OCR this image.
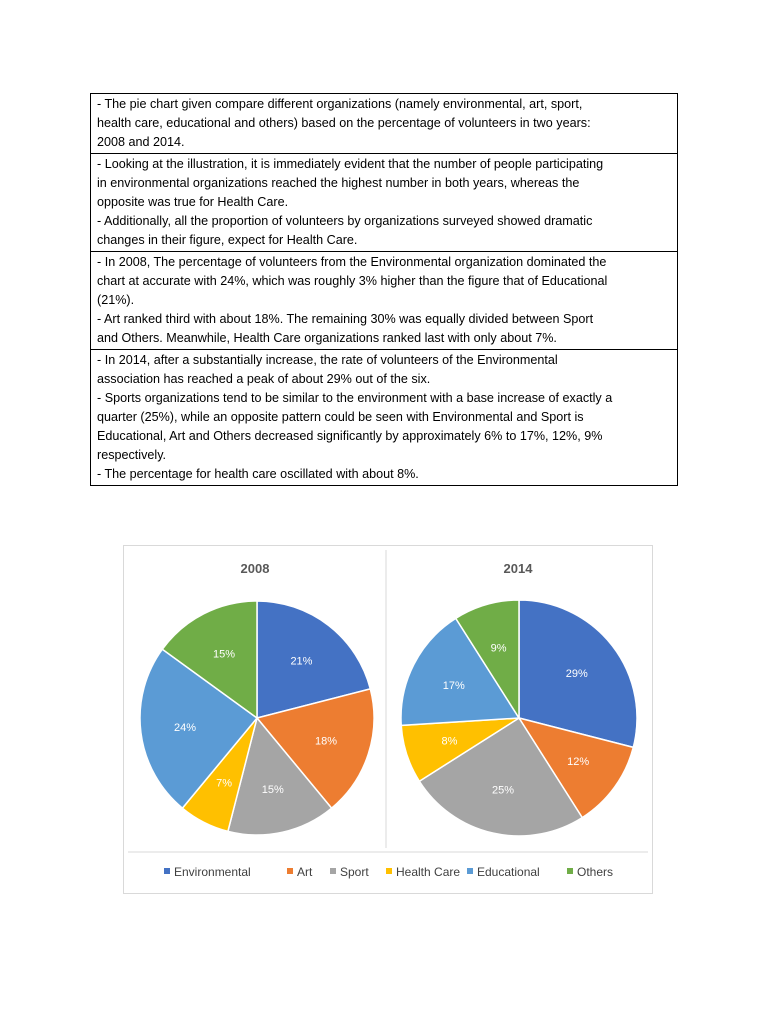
- The pie chart given compare different organizations (namely environmental, art, sport,
health care, educational and others) based on the percentage of volunteers in two years:
2008 and 2014.

- Looking at the illustration, it is immediately evident that the number of people participating
in environmental organizations reached the highest number in both years, whereas the
opposite was true for Health Care.
- Additionally, all the proportion of volunteers by organizations surveyed showed dramatic
changes in their figure, expect for Health Care.

- In 2008, The percentage of volunteers from the Environmental organization dominated the
chart at accurate with 24%, which was roughly 3% higher than the figure that of Educational
(21%).
- Art ranked third with about 18%. The remaining 30% was equally divided between Sport
and Others. Meanwhile, Health Care organizations ranked last with only about 7%.

- In 2014, after a substantially increase, the rate of volunteers of the Environmental
association has reached a peak of about 29% out of the six.
- Sports organizations tend to be similar to the environment with a base increase of exactly a
quarter (25%), while an opposite pattern could be seen with Environmental and Sport is
Educational, Art and Others decreased significantly by approximately 6% to 17%, 12%, 9%
respectively.
- The percentage for health care oscillated with about 8%.
2008	2014
21%
18%
15%
7%
24%
15%
29%
12%
25%
8%
17%
9%
Environmental	Art Sport Health Care Educational	Others
